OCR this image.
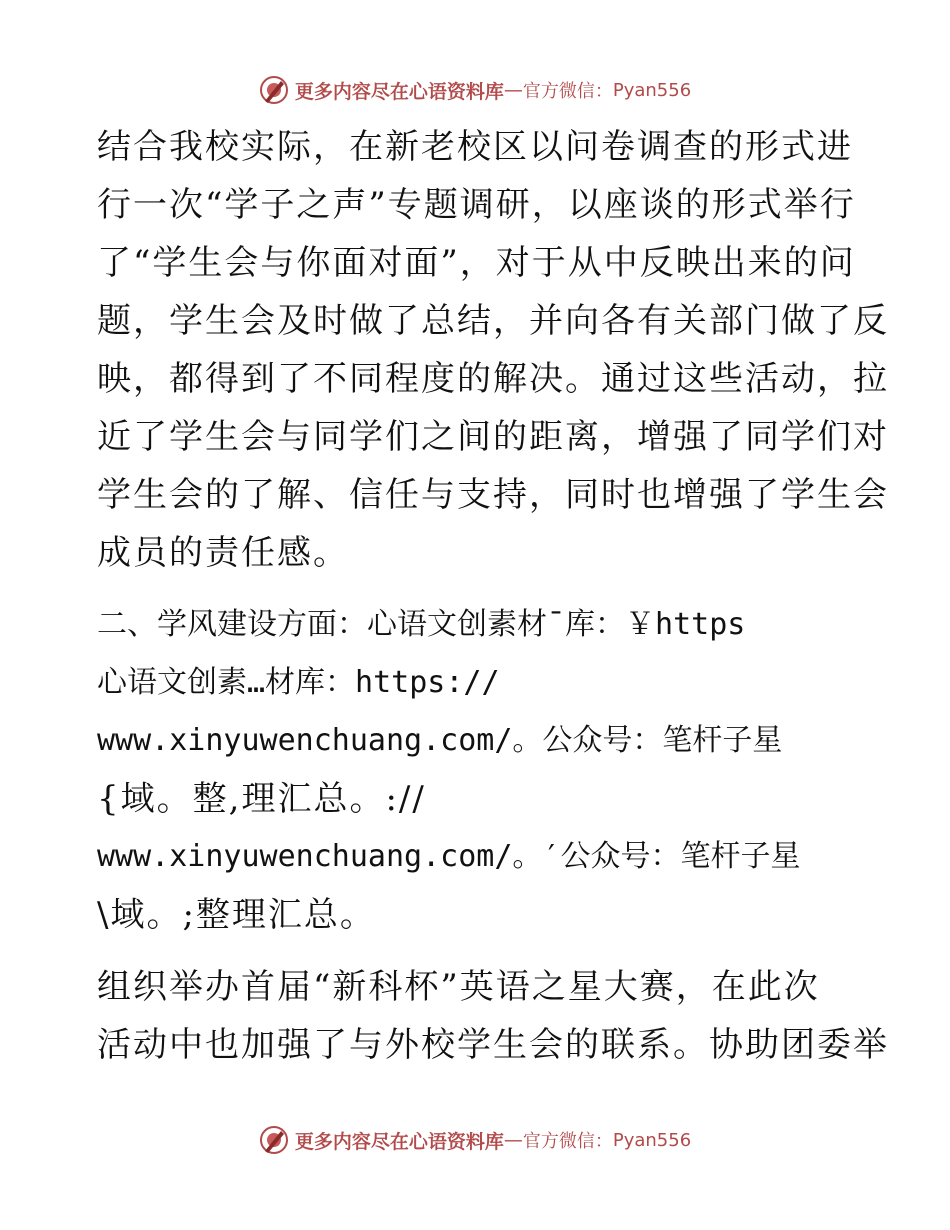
更多内容尽在心语资料库 — 官方微信： Pyan556
结合我校实际，在新老校区以问卷调查的形式进
行一次“学子之声”专题调研，以座谈的形式举行
了“学生会与你面对面”，对于从中反映出来的问
题，学生会及时做了总结，并向各有关部门做了反
映，都得到了不同程度的解决。通过这些活动，拉
近了学生会与同学们之间的距离，增强了同学们对
学生会的了解、信任与支持，同时也增强了学生会
成员的责任感。
二、学风建设方面：心语文创素材¯库：￥https
心语文创素…材库：https://
www.xinyuwenchuang.com/。公众号：笔杆子星
{域。整,理汇总。://
www.xinyuwenchuang.com/。′公众号：笔杆子星
\域。;整理汇总。
组织举办首届“新科杯”英语之星大赛，在此次
活动中也加强了与外校学生会的联系。协助团委举
更多内容尽在心语资料库 — 官方微信： Pyan556
